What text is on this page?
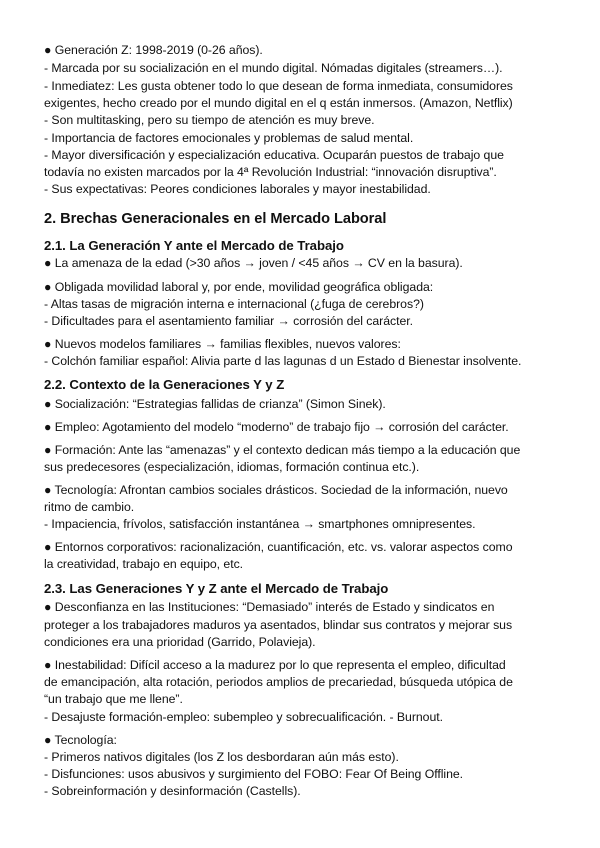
● Generación Z: 1998-2019 (0-26 años).
- Marcada por su socialización en el mundo digital. Nómadas digitales (streamers…).
- Inmediatez: Les gusta obtener todo lo que desean de forma inmediata, consumidores
exigentes, hecho creado por el mundo digital en el q están inmersos. (Amazon, Netflix)
- Son multitasking, pero su tiempo de atención es muy breve.
- Importancia de factores emocionales y problemas de salud mental.
- Mayor diversificación y especialización educativa. Ocuparán puestos de trabajo que
todavía no existen marcados por la 4ª Revolución Industrial: “innovación disruptiva”.
- Sus expectativas: Peores condiciones laborales y mayor inestabilidad.
2. Brechas Generacionales en el Mercado Laboral
2.1. La Generación Y ante el Mercado de Trabajo
● La amenaza de la edad (>30 años → joven / <45 años → CV en la basura).
● Obligada movilidad laboral y, por ende, movilidad geográfica obligada:
- Altas tasas de migración interna e internacional (¿fuga de cerebros?)
- Dificultades para el asentamiento familiar → corrosión del carácter.
● Nuevos modelos familiares → familias flexibles, nuevos valores:
- Colchón familiar español: Alivia parte d las lagunas d un Estado d Bienestar insolvente.
2.2. Contexto de la Generaciones Y y Z
● Socialización: “Estrategias fallidas de crianza” (Simon Sinek).
● Empleo: Agotamiento del modelo “moderno” de trabajo fijo → corrosión del carácter.
● Formación: Ante las “amenazas” y el contexto dedican más tiempo a la educación que
sus predecesores (especialización, idiomas, formación continua etc.).
● Tecnología: Afrontan cambios sociales drásticos. Sociedad de la información, nuevo
ritmo de cambio.
- Impaciencia, frívolos, satisfacción instantánea → smartphones omnipresentes.
● Entornos corporativos: racionalización, cuantificación, etc. vs. valorar aspectos como
la creatividad, trabajo en equipo, etc.
2.3. Las Generaciones Y y Z ante el Mercado de Trabajo
● Desconfianza en las Instituciones: “Demasiado” interés de Estado y sindicatos en
proteger a los trabajadores maduros ya asentados, blindar sus contratos y mejorar sus
condiciones era una prioridad (Garrido, Polavieja).
● Inestabilidad: Difícil acceso a la madurez por lo que representa el empleo, dificultad
de emancipación, alta rotación, periodos amplios de precariedad, búsqueda utópica de
“un trabajo que me llene”.
- Desajuste formación-empleo: subempleo y sobrecualificación. - Burnout.
● Tecnología:
- Primeros nativos digitales (los Z los desbordaran aún más esto).
- Disfunciones: usos abusivos y surgimiento del FOBO: Fear Of Being Offline.
- Sobreinformación y desinformación (Castells).
